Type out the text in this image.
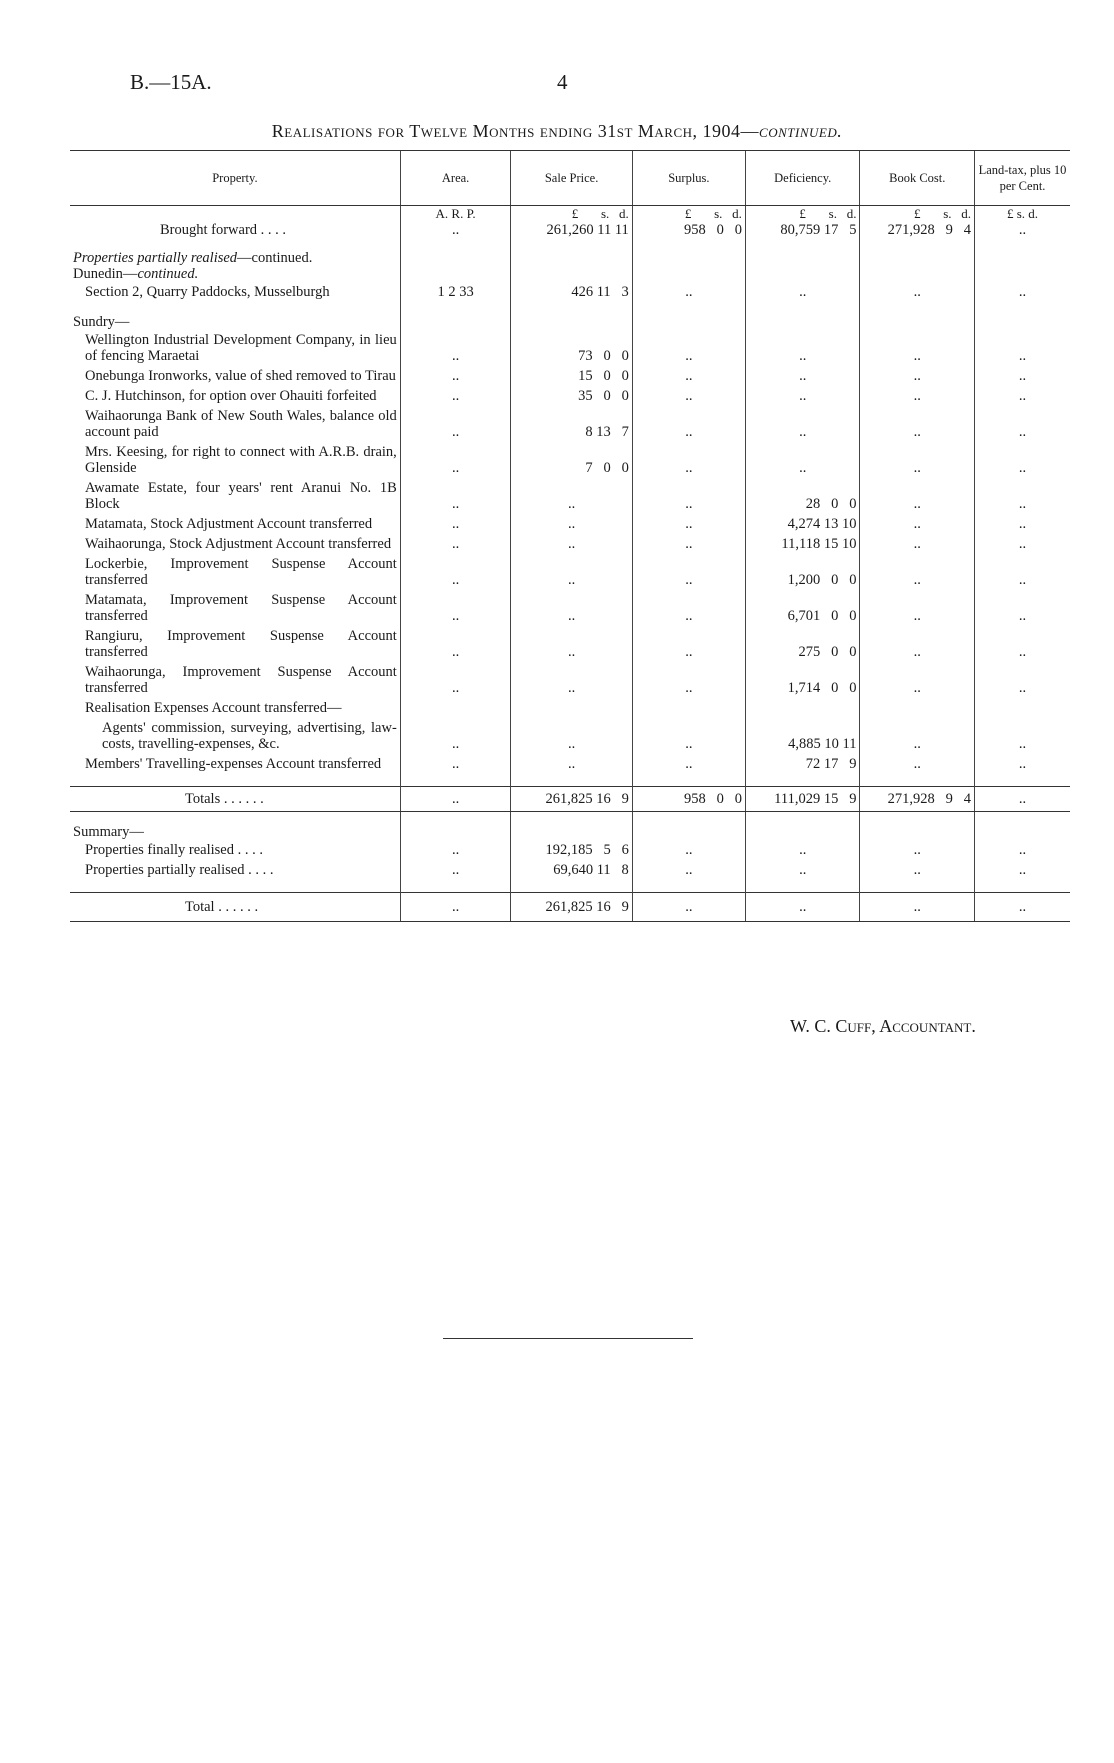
B.—15A.	4
Realisations for Twelve Months ending 31st March, 1904—continued.
Property.	Area.	Sale Price.	Surplus.	Deficiency.	Book Cost.	Land-tax, plus 10 per Cent.
	A. R. P.	£       s.   d.	£       s.   d.	£       s.   d.	£       s.   d.	£ s. d.
Brought forward . . . .	..	261,260 11 11	958   0   0	80,759 17   5	271,928   9   4	..

Properties partially realised—continued.						
Dunedin—continued.						
Section 2, Quarry Paddocks, Musselburgh	1 2 33	426 11   3	..	..	..	..

Sundry—						
Wellington Industrial Development Company, in lieu of fencing Maraetai	..	73   0   0	..	..	..	..
Onebunga Ironworks, value of shed removed to Tirau	..	15   0   0	..	..	..	..
C. J. Hutchinson, for option over Ohauiti forfeited	..	35   0   0	..	..	..	..
Waihaorunga Bank of New South Wales, balance old account paid	..	8 13   7	..	..	..	..
Mrs. Keesing, for right to connect with A.R.B. drain, Glenside	..	7   0   0	..	..	..	..
Awamate Estate, four years' rent Aranui No. 1B Block	..	..	..	28   0   0	..	..
Matamata, Stock Adjustment Account transferred	..	..	..	4,274 13 10	..	..
Waihaorunga, Stock Adjustment Account transferred	..	..	..	11,118 15 10	..	..
Lockerbie, Improvement Suspense Account transferred	..	..	..	1,200   0   0	..	..
Matamata, Improvement Suspense Account transferred	..	..	..	6,701   0   0	..	..
Rangiuru, Improvement Suspense Account transferred	..	..	..	275   0   0	..	..
Waihaorunga, Improvement Suspense Account transferred	..	..	..	1,714   0   0	..	..
Realisation Expenses Account transferred—						
Agents' commission, surveying, advertising, law-costs, travelling-expenses, &c.	..	..	..	4,885 10 11	..	..
Members' Travelling-expenses Account transferred	..	..	..	72 17   9	..	..

Totals . . . . . .	..	261,825 16   9	958   0   0	111,029 15   9	271,928   9   4	..

Summary—						
Properties finally realised . . . .	..	192,185   5   6	..	..	..	..
Properties partially realised . . . .	..	69,640 11   8	..	..	..	..

Total . . . . . .	..	261,825 16   9	..	..	..	..
W. C. Cuff, Accountant.
